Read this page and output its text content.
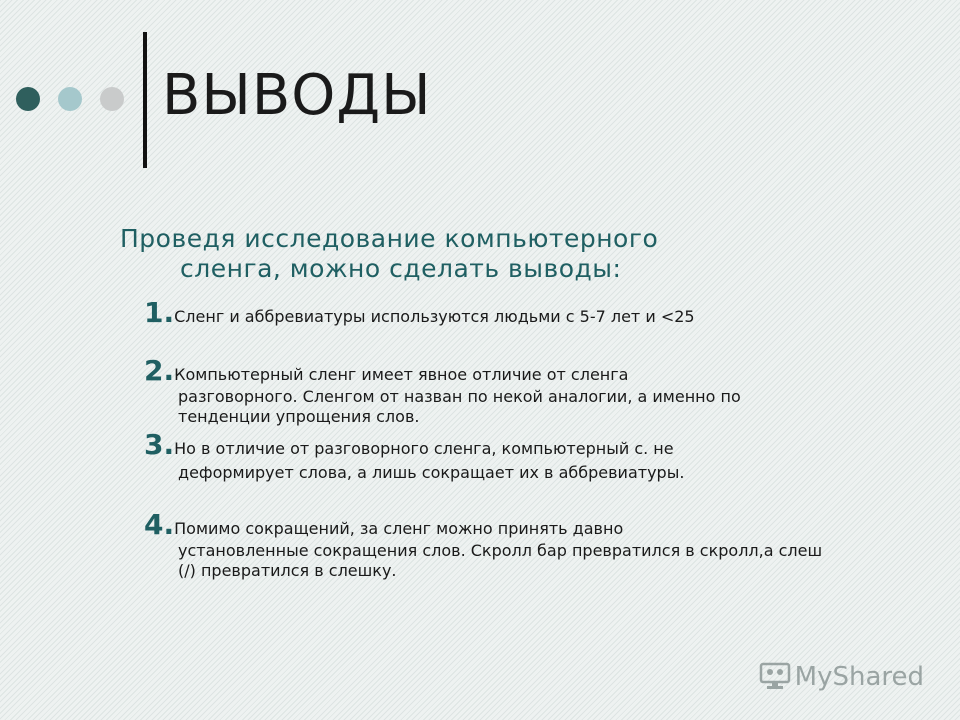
ВЫВОДЫ

Проведя исследование компьютерного
сленга, можно сделать выводы:

1.Сленг и аббревиатуры используются людьми с 5-7 лет и <25
2.Компьютерный сленг имеет явное отличие от сленга

разговорного. Сленгом от назван по некой аналогии, а именно по тенденции упрощения слов.

3.Но в отличие от разговорного сленга, компьютерный с. не

деформирует слова, а лишь сокращает их в аббревиатуры.

4.Помимо сокращений, за сленг можно принять давно

установленные сокращения слов. Скролл бар превратился в скролл,а слеш (/) превратился в слешку.

MyShared
